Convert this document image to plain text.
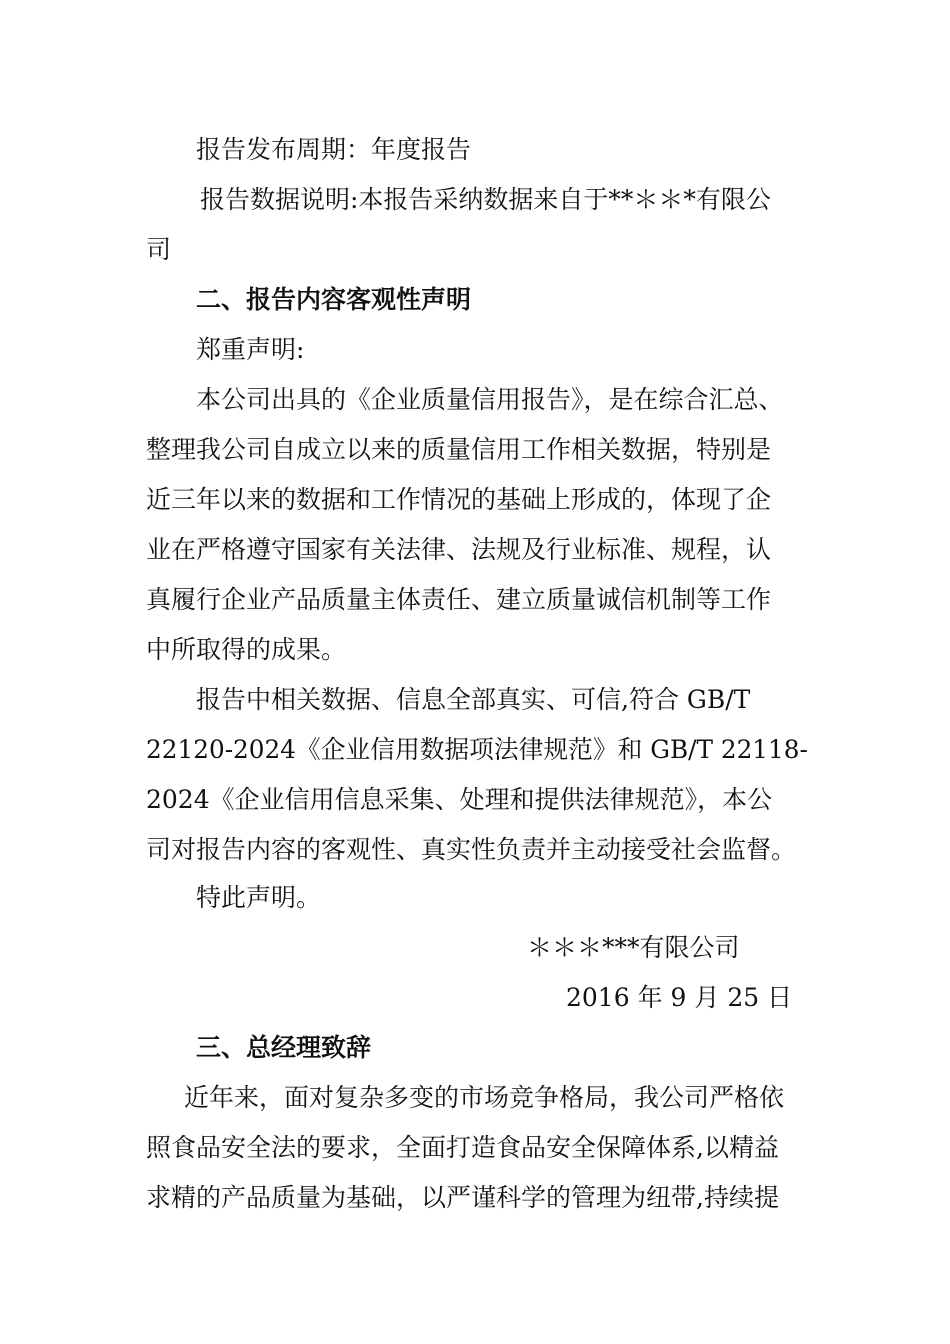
报告发布周期：年度报告
报告数据说明:本报告采纳数据来自于**＊＊*有限公
司
二、报告内容客观性声明
郑重声明:
本公司出具的《企业质量信用报告》，是在综合汇总、
整理我公司自成立以来的质量信用工作相关数据，特别是
近三年以来的数据和工作情况的基础上形成的，体现了企
业在严格遵守国家有关法律、法规及行业标准、规程，认
真履行企业产品质量主体责任、建立质量诚信机制等工作
中所取得的成果。
报告中相关数据、信息全部真实、可信,符合 GB/T
22120-2024《企业信用数据项法律规范》和 GB/T 22118-
2024《企业信用信息采集、处理和提供法律规范》，本公
司对报告内容的客观性、真实性负责并主动接受社会监督。
特此声明。
＊＊＊***有限公司
2016 年 9 月 25 日
三、总经理致辞
近年来，面对复杂多变的市场竞争格局，我公司严格依
照食品安全法的要求，全面打造食品安全保障体系,以精益
求精的产品质量为基础，以严谨科学的管理为纽带,持续提
